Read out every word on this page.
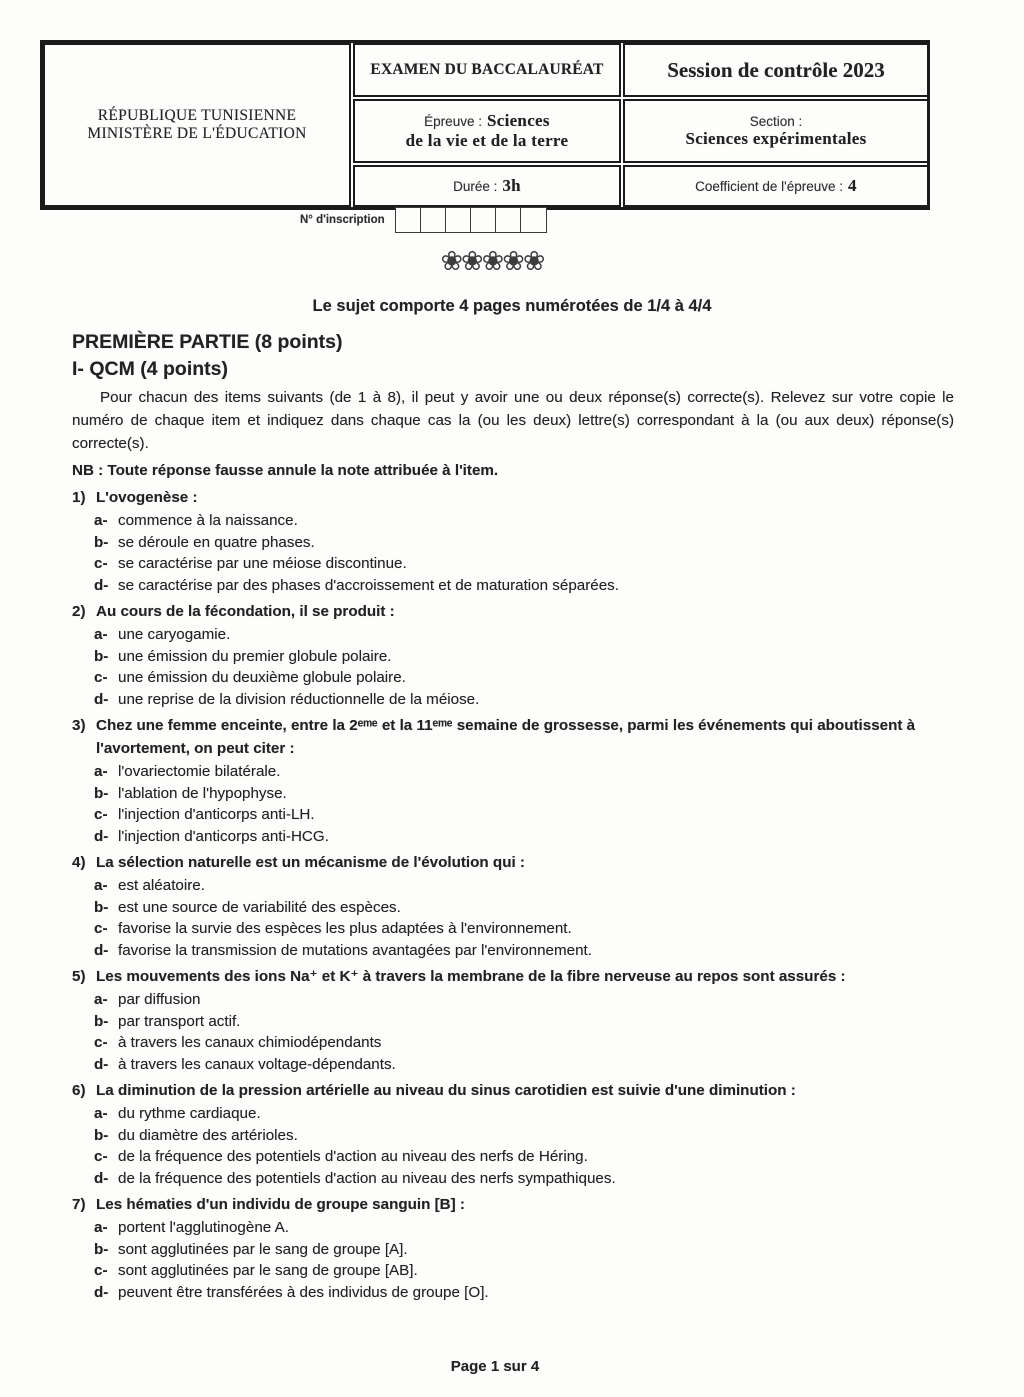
RÉPUBLIQUE TUNISIENNE
MINISTÈRE DE L'ÉDUCATION
EXAMEN DU BACCALAURÉAT	Session de contrôle 2023
Épreuve : Sciences
de la vie et de la terre
Section :
Sciences expérimentales
Durée : 3h	Coefficient de l'épreuve : 4
N° d'inscription
❀❀❀❀❀
Le sujet comporte 4 pages numérotées de 1/4 à 4/4
PREMIÈRE PARTIE (8 points)
I- QCM (4 points)

Pour chacun des items suivants (de 1 à 8), il peut y avoir une ou deux réponse(s) correcte(s). Relevez sur votre copie le numéro de chaque item et indiquez dans chaque cas la (ou les deux) lettre(s) correspondant à la (ou aux deux) réponse(s) correcte(s).

NB : Toute réponse fausse annule la note attribuée à l'item.
1) L'ovogenèse :
a- commence à la naissance.
b- se déroule en quatre phases.
c- se caractérise par une méiose discontinue.
d- se caractérise par des phases d'accroissement et de maturation séparées.
2) Au cours de la fécondation, il se produit :
a- une caryogamie.
b- une émission du premier globule polaire.
c- une émission du deuxième globule polaire.
d- une reprise de la division réductionnelle de la méiose.
3) Chez une femme enceinte, entre la 2ᵉᵐᵉ et la 11ᵉᵐᵉ semaine de grossesse, parmi les événements qui aboutissent à l'avortement, on peut citer :
a- l'ovariectomie bilatérale.
b- l'ablation de l'hypophyse.
c- l'injection d'anticorps anti-LH.
d- l'injection d'anticorps anti-HCG.
4) La sélection naturelle est un mécanisme de l'évolution qui :
a- est aléatoire.
b- est une source de variabilité des espèces.
c- favorise la survie des espèces les plus adaptées à l'environnement.
d- favorise la transmission de mutations avantagées par l'environnement.
5) Les mouvements des ions Na⁺ et K⁺ à travers la membrane de la fibre nerveuse au repos sont assurés :
a- par diffusion
b- par transport actif.
c- à travers les canaux chimiodépendants
d- à travers les canaux voltage-dépendants.
6) La diminution de la pression artérielle au niveau du sinus carotidien est suivie d'une diminution :
a- du rythme cardiaque.
b- du diamètre des artérioles.
c- de la fréquence des potentiels d'action au niveau des nerfs de Héring.
d- de la fréquence des potentiels d'action au niveau des nerfs sympathiques.
7) Les hématies d'un individu de groupe sanguin [B] :
a- portent l'agglutinogène A.
b- sont agglutinées par le sang de groupe [A].
c- sont agglutinées par le sang de groupe [AB].
d- peuvent être transférées à des individus de groupe [O].
Page 1 sur 4
